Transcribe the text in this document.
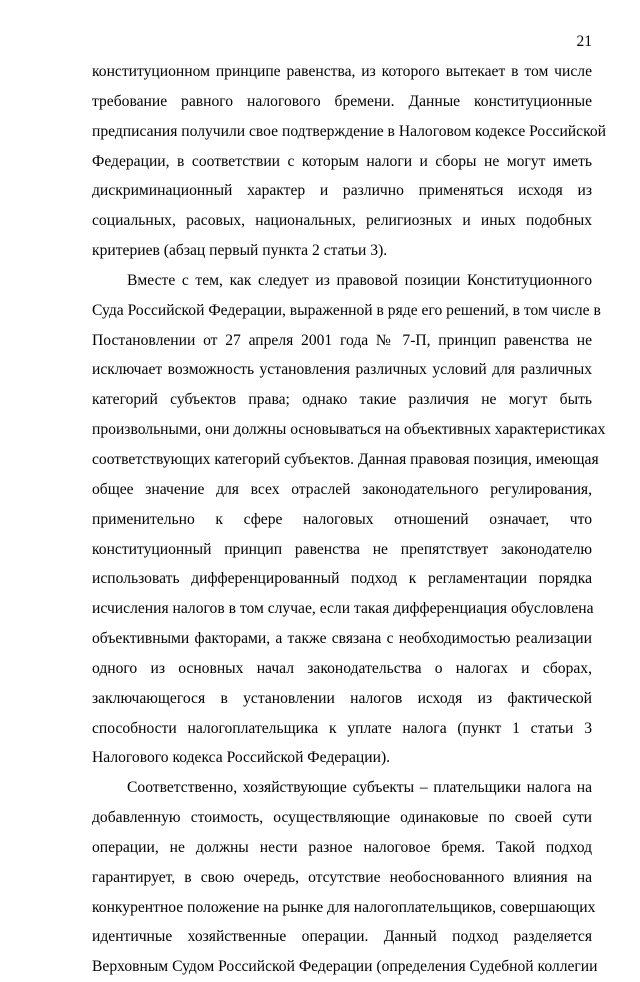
21
конституционном принципе равенства, из которого вытекает в том числе
требование равного налогового бремени. Данные конституционные
предписания получили свое подтверждение в Налоговом кодексе Российской
Федерации, в соответствии с которым налоги и сборы не могут иметь
дискриминационный характер и различно применяться исходя из
социальных, расовых, национальных, религиозных и иных подобных
критериев (абзац первый пункта 2 статьи 3).
Вместе с тем, как следует из правовой позиции Конституционного
Суда Российской Федерации, выраженной в ряде его решений, в том числе в
Постановлении от 27 апреля 2001 года № 7-П, принцип равенства не
исключает возможность установления различных условий для различных
категорий субъектов права; однако такие различия не могут быть
произвольными, они должны основываться на объективных характеристиках
соответствующих категорий субъектов. Данная правовая позиция, имеющая
общее значение для всех отраслей законодательного регулирования,
применительно к сфере налоговых отношений означает, что
конституционный принцип равенства не препятствует законодателю
использовать дифференцированный подход к регламентации порядка
исчисления налогов в том случае, если такая дифференциация обусловлена
объективными факторами, а также связана с необходимостью реализации
одного из основных начал законодательства о налогах и сборах,
заключающегося в установлении налогов исходя из фактической
способности налогоплательщика к уплате налога (пункт 1 статьи 3
Налогового кодекса Российской Федерации).
Соответственно, хозяйствующие субъекты – плательщики налога на
добавленную стоимость, осуществляющие одинаковые по своей сути
операции, не должны нести разное налоговое бремя. Такой подход
гарантирует, в свою очередь, отсутствие необоснованного влияния на
конкурентное положение на рынке для налогоплательщиков, совершающих
идентичные хозяйственные операции. Данный подход разделяется
Верховным Судом Российской Федерации (определения Судебной коллегии
